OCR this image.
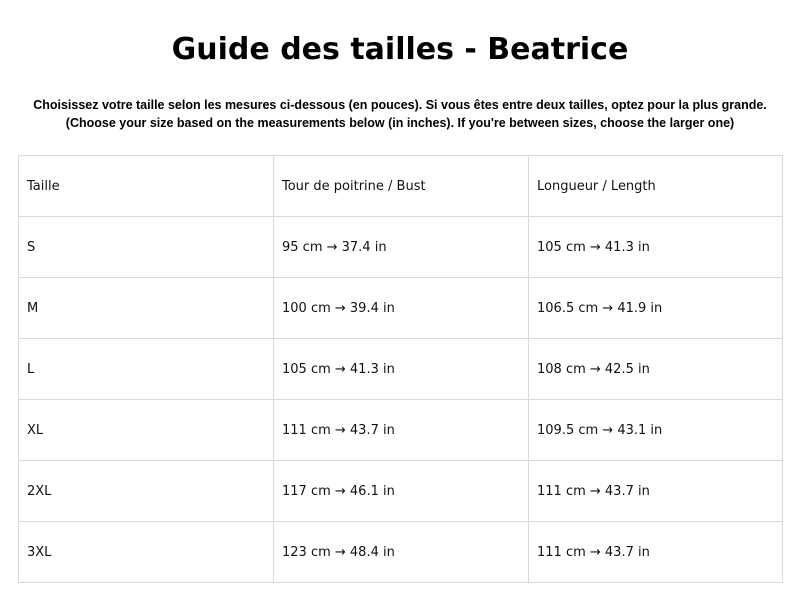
Guide des tailles - Beatrice
Choisissez votre taille selon les mesures ci-dessous (en pouces). Si vous êtes entre deux tailles, optez pour la plus grande.
(Choose your size based on the measurements below (in inches). If you're between sizes, choose the larger one)
Taille	Tour de poitrine / Bust	Longueur / Length
S	95 cm → 37.4 in	105 cm → 41.3 in
M	100 cm → 39.4 in	106.5 cm → 41.9 in
L	105 cm → 41.3 in	108 cm → 42.5 in
XL	111 cm → 43.7 in	109.5 cm → 43.1 in
2XL	117 cm → 46.1 in	111 cm → 43.7 in
3XL	123 cm → 48.4 in	111 cm → 43.7 in
